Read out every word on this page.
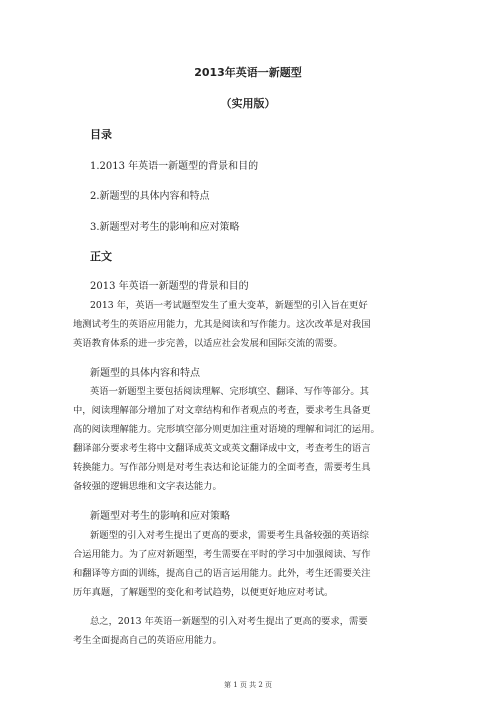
2013年英语一新题型
（实用版）
目录
1.2013 年英语一新题型的背景和目的
2.新题型的具体内容和特点
3.新题型对考生的影响和应对策略
正文
2013 年英语一新题型的背景和目的
2013 年，英语一考试题型发生了重大变革，新题型的引入旨在更好
地测试考生的英语应用能力，尤其是阅读和写作能力。这次改革是对我国
英语教育体系的进一步完善，以适应社会发展和国际交流的需要。
新题型的具体内容和特点
英语一新题型主要包括阅读理解、完形填空、翻译、写作等部分。其
中，阅读理解部分增加了对文章结构和作者观点的考查，要求考生具备更
高的阅读理解能力。完形填空部分则更加注重对语境的理解和词汇的运用。
翻译部分要求考生将中文翻译成英文或英文翻译成中文，考查考生的语言
转换能力。写作部分则是对考生表达和论证能力的全面考查，需要考生具
备较强的逻辑思维和文字表达能力。
新题型对考生的影响和应对策略
新题型的引入对考生提出了更高的要求，需要考生具备较强的英语综
合运用能力。为了应对新题型，考生需要在平时的学习中加强阅读、写作
和翻译等方面的训练，提高自己的语言运用能力。此外，考生还需要关注
历年真题，了解题型的变化和考试趋势，以便更好地应对考试。
总之，2013 年英语一新题型的引入对考生提出了更高的要求，需要
考生全面提高自己的英语应用能力。
第 1 页 共 2 页
